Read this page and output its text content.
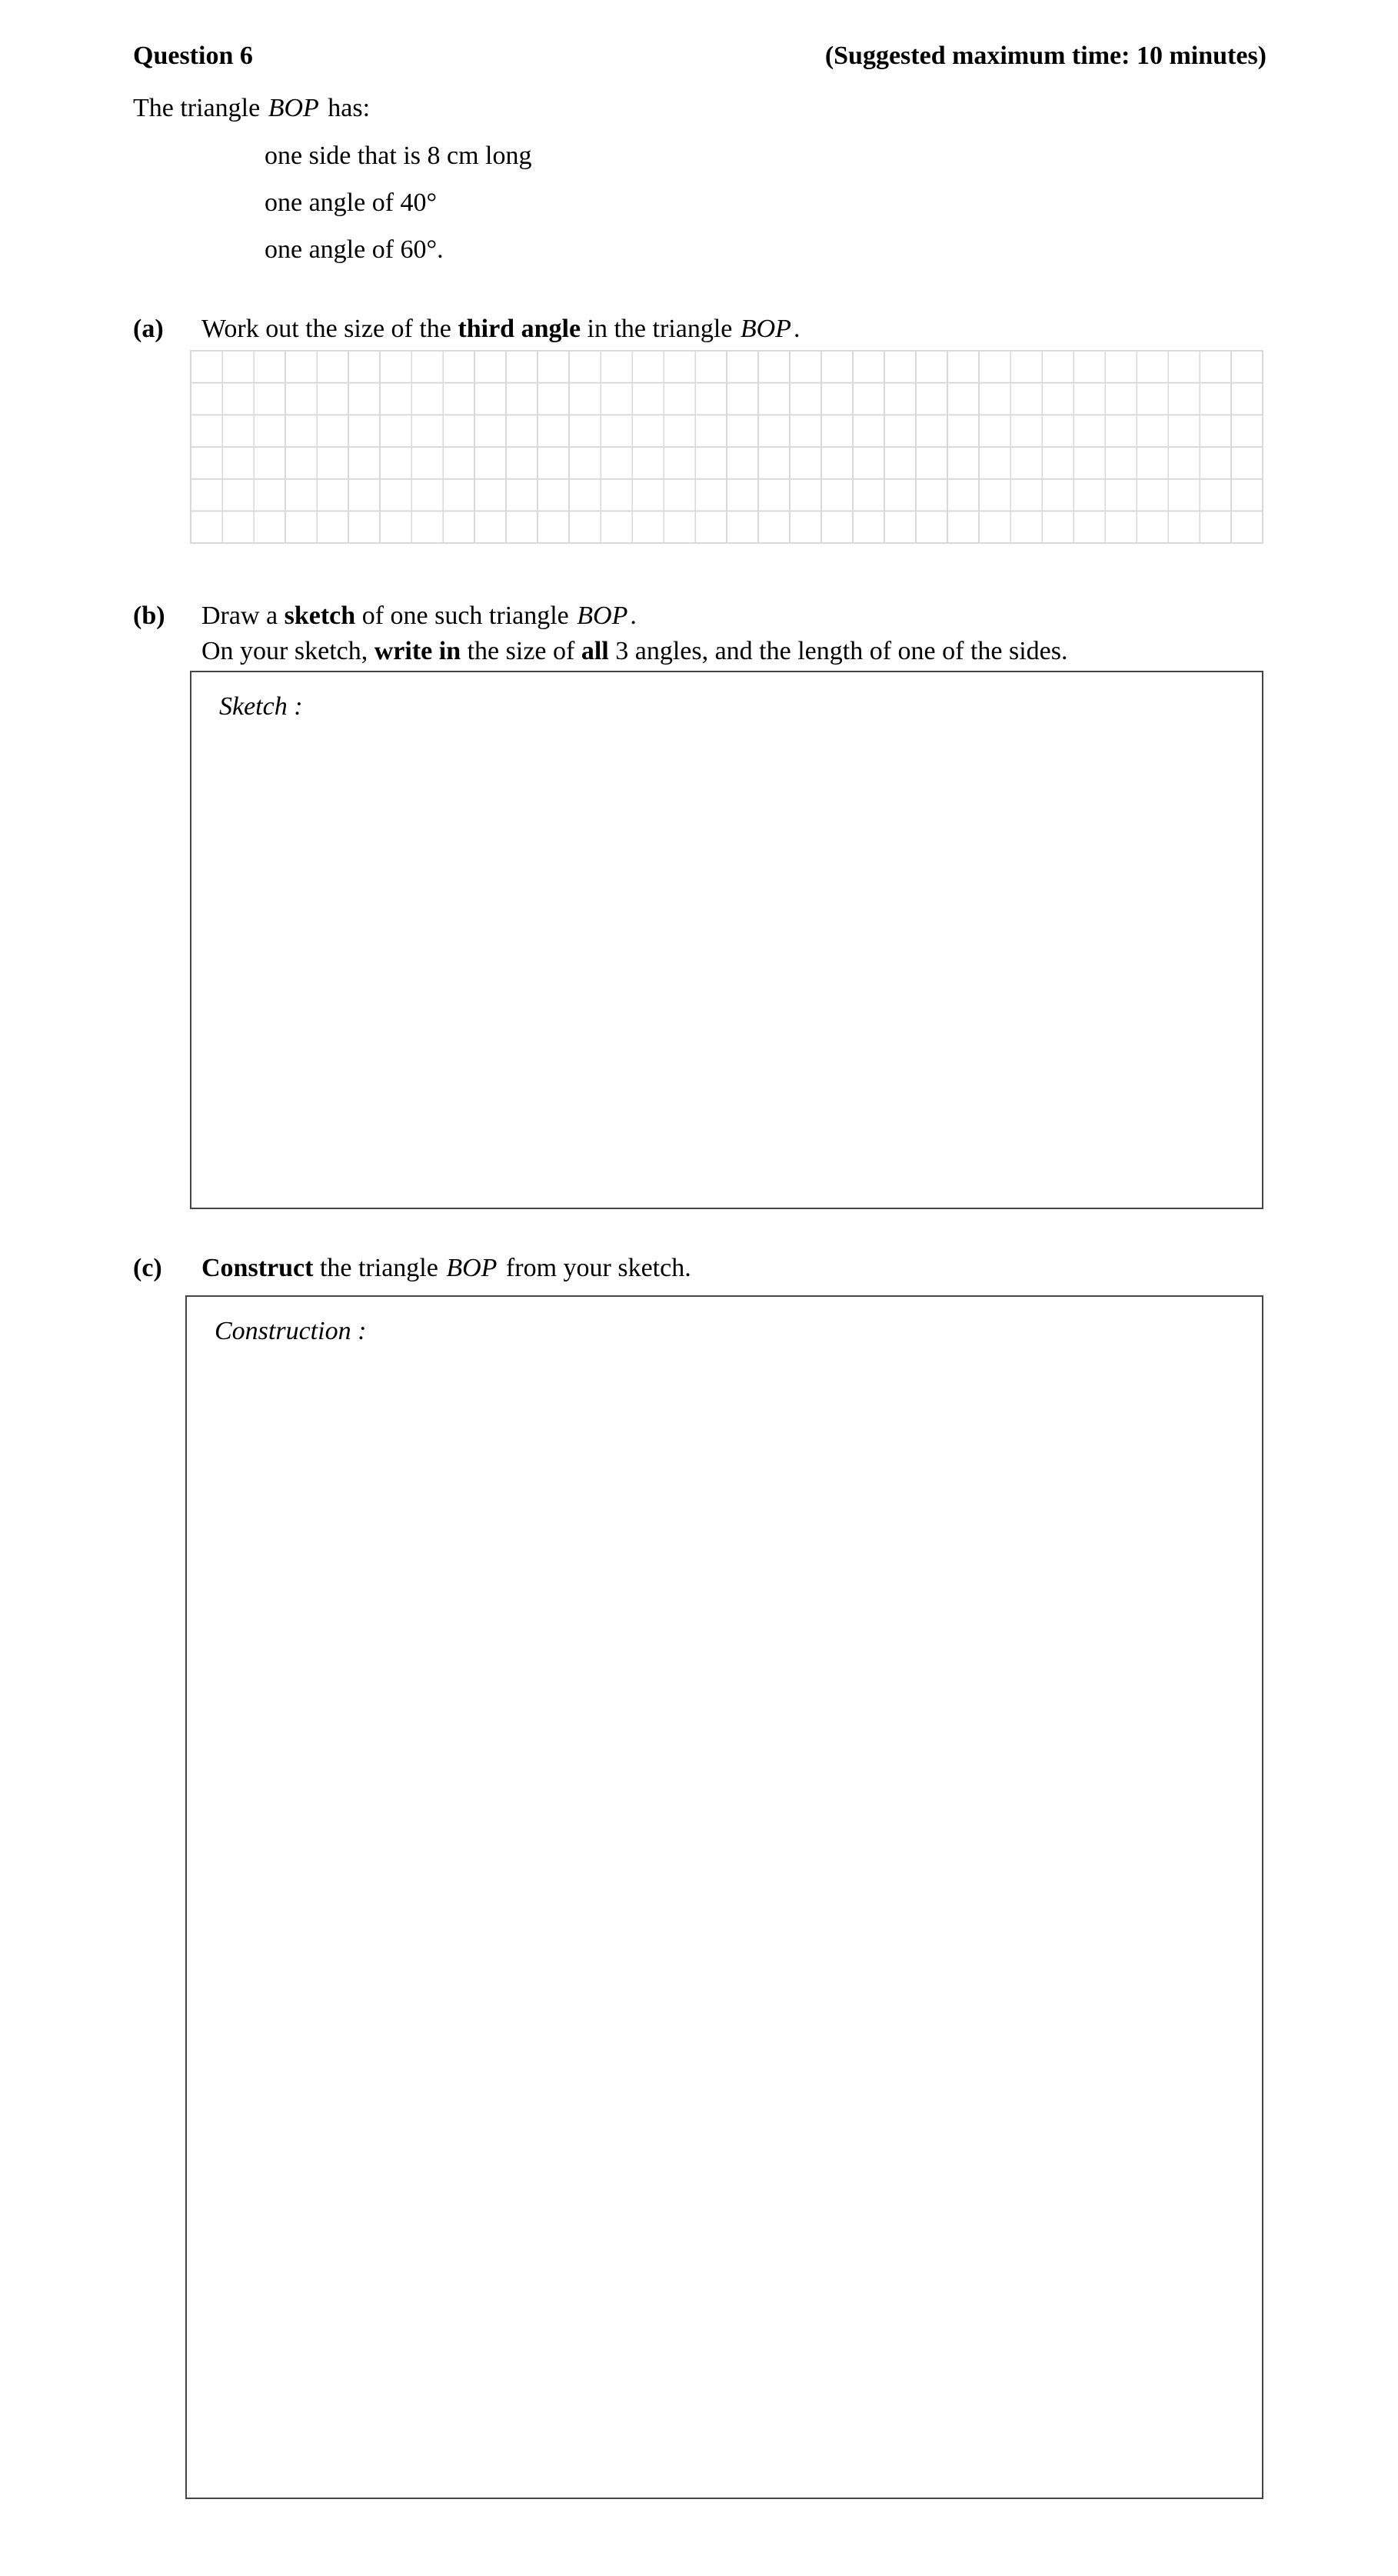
Question 6	(Suggested maximum time: 10 minutes)
The triangle BOP has:
one side that is 8 cm long
one angle of 40°
one angle of 60°.
(a) Work out the size of the third angle in the triangle BOP.
(b) Draw a sketch of one such triangle BOP.
On your sketch, write in the size of all 3 angles, and the length of one of the sides.
Sketch :
(c) Construct the triangle BOP from your sketch.
Construction :
